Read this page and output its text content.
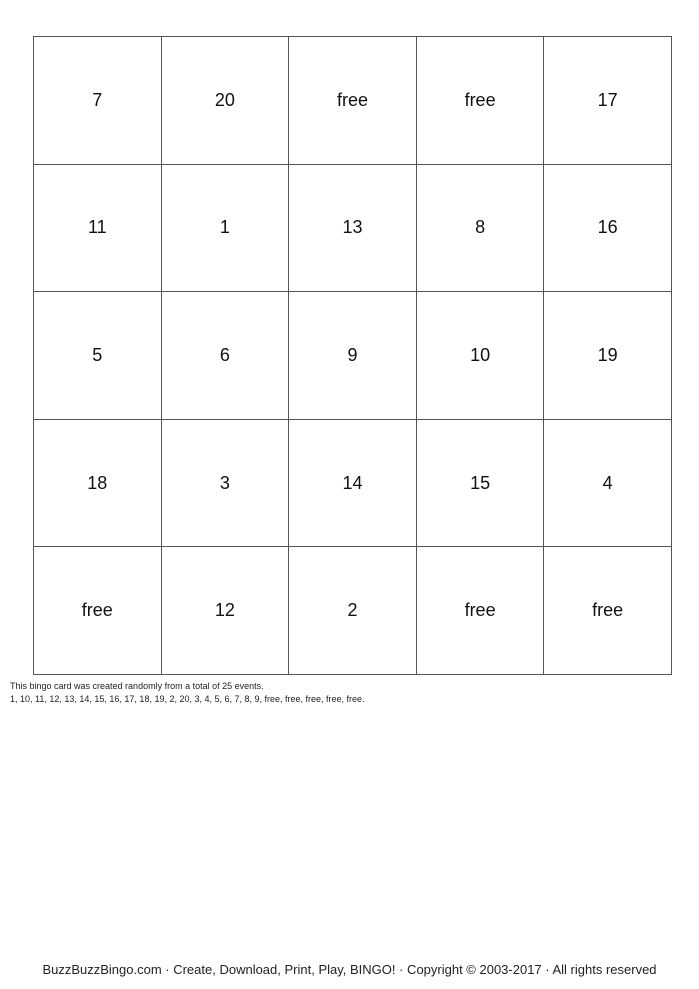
7	20	free	free	17
11	1	13	8	16
5	6	9	10	19
18	3	14	15	4
free	12	2	free	free
This bingo card was created randomly from a total of 25 events.
1, 10, 11, 12, 13, 14, 15, 16, 17, 18, 19, 2, 20, 3, 4, 5, 6, 7, 8, 9, free, free, free, free, free.
BuzzBuzzBingo.com · Create, Download, Print, Play, BINGO! · Copyright © 2003-2017 · All rights reserved
